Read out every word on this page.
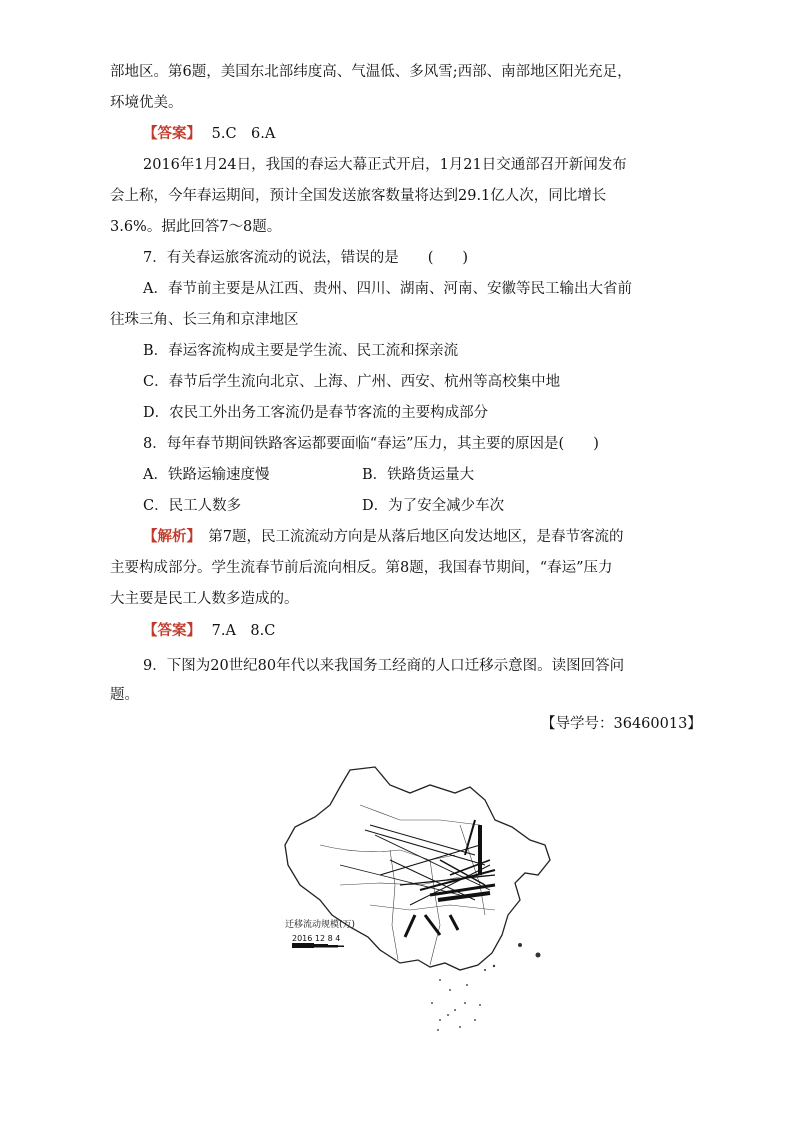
部地区。第6题，美国东北部纬度高、气温低、多风雪;西部、南部地区阳光充足，
环境优美。
【答案】 5.C　6.A
2016年1月24日，我国的春运大幕正式开启，1月21日交通部召开新闻发布
会上称，今年春运期间，预计全国发送旅客数量将达到29.1亿人次，同比增长
3.6%。据此回答7～8题。
7．有关春运旅客流动的说法，错误的是　　(　　)
A．春节前主要是从江西、贵州、四川、湖南、河南、安徽等民工输出大省前
往珠三角、长三角和京津地区
B．春运客流构成主要是学生流、民工流和探亲流
C．春节后学生流向北京、上海、广州、西安、杭州等高校集中地
D．农民工外出务工客流仍是春节客流的主要构成部分
8．每年春节期间铁路客运都要面临“春运”压力，其主要的原因是(　　)
A．铁路运输速度慢	B．铁路货运量大
C．民工人数多	D．为了安全减少车次
【解析】　第7题，民工流流动方向是从落后地区向发达地区，是春节客流的
主要构成部分。学生流春节前后流向相反。第8题，我国春节期间，“春运”压力
大主要是民工人数多造成的。
【答案】 7.A　8.C
9．下图为20世纪80年代以来我国务工经商的人口迁移示意图。读图回答问
题。
【导学号：36460013】
迁移流动规模(万)
2016 12 8 4
